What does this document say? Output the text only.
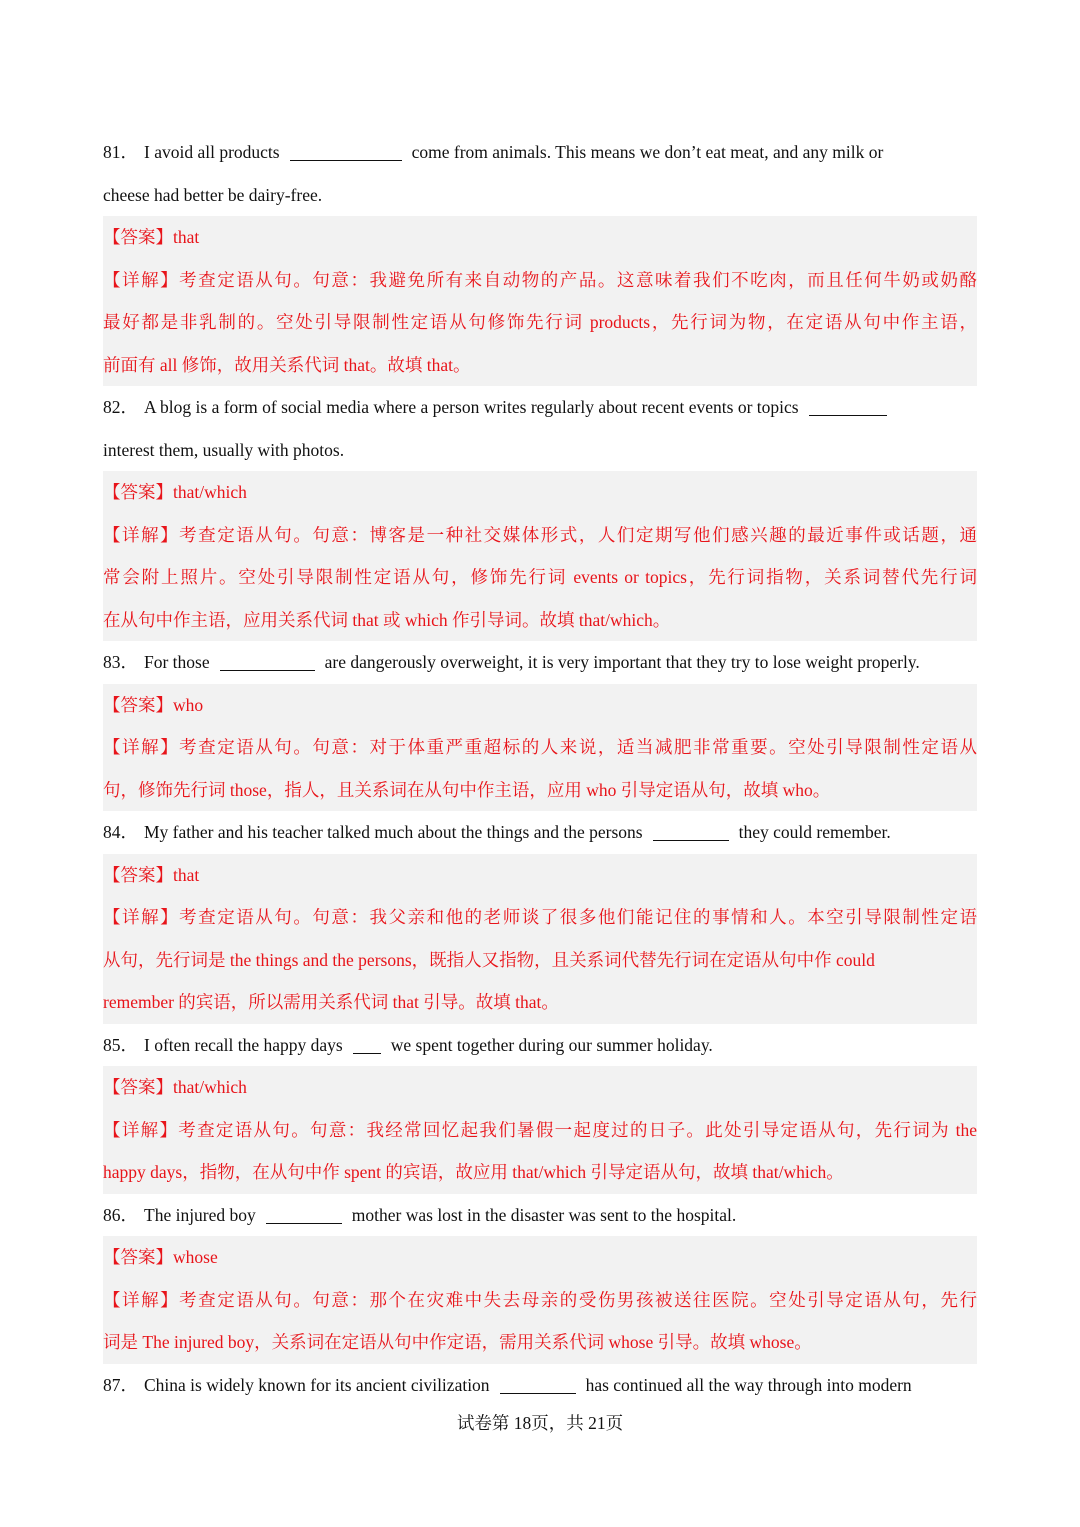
81． I avoid all products	come from animals. This means we don’t eat meat, and any milk or
cheese had better be dairy-free.
【答案】that
【详解】考查定语从句。句意：我避免所有来自动物的产品。这意味着我们不吃肉，而且任何牛奶或奶酪
最好都是非乳制的。空处引导限制性定语从句修饰先行词 products，先行词为物，在定语从句中作主语，
前面有 all 修饰，故用关系代词 that。故填 that。
82． A blog is a form of social media where a person writes regularly about recent events or topics
interest them, usually with photos.
【答案】that/which
【详解】考查定语从句。句意：博客是一种社交媒体形式，人们定期写他们感兴趣的最近事件或话题，通
常会附上照片。空处引导限制性定语从句，修饰先行词 events or topics，先行词指物，关系词替代先行词
在从句中作主语，应用关系代词 that 或 which 作引导词。故填 that/which。
83． For those	are dangerously overweight, it is very important that they try to lose weight properly.
【答案】who
【详解】考查定语从句。句意：对于体重严重超标的人来说，适当减肥非常重要。空处引导限制性定语从
句，修饰先行词 those，指人，且关系词在从句中作主语，应用 who 引导定语从句，故填 who。
84． My father and his teacher talked much about the things and the persons	they could remember.
【答案】that
【详解】考查定语从句。句意：我父亲和他的老师谈了很多他们能记住的事情和人。本空引导限制性定语
从句，先行词是 the things and the persons，既指人又指物，且关系词代替先行词在定语从句中作 could
remember 的宾语，所以需用关系代词 that 引导。故填 that。
85． I often recall the happy days	we spent together during our summer holiday.
【答案】that/which
【详解】考查定语从句。句意：我经常回忆起我们暑假一起度过的日子。此处引导定语从句，先行词为 the
happy days，指物，在从句中作 spent 的宾语，故应用 that/which 引导定语从句，故填 that/which。
86． The injured boy	mother was lost in the disaster was sent to the hospital.
【答案】whose
【详解】考查定语从句。句意：那个在灾难中失去母亲的受伤男孩被送往医院。空处引导定语从句，先行
词是 The injured boy，关系词在定语从句中作定语，需用关系代词 whose 引导。故填 whose。
87． China is widely known for its ancient civilization	has continued all the way through into modern
试卷第 18页，共 21页
